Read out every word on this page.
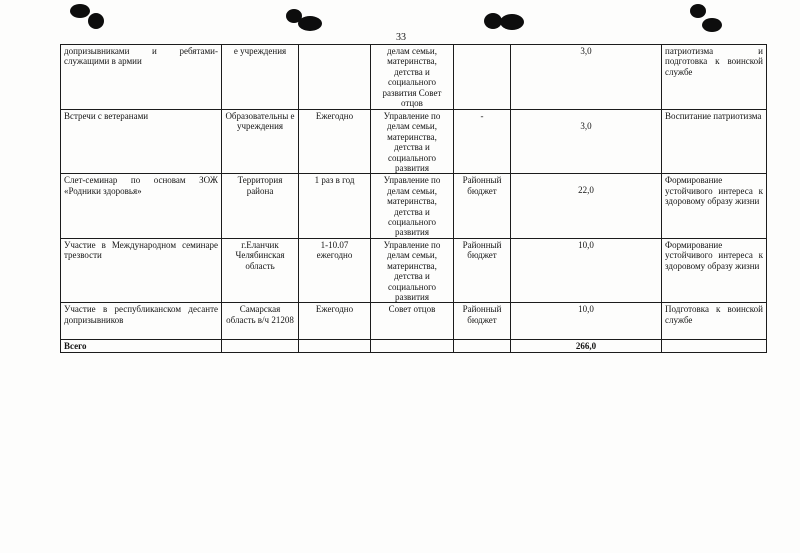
33
допризывниками и ребятами-служащими в армии	е учреждения		делам семьи, материнства, детства и социального развития Совет отцов		3,0	патриотизма и подготовка к воинской службе
Встречи с ветеранами	Образовательны е учреждения	Ежегодно	Управление по делам семьи, материнства, детства и социального развития	-	3,0	Воспитание патриотизма
Слет-семинар по основам ЗОЖ «Родники здоровья»	Территория района	1 раз в год	Управление по делам семьи, материнства, детства и социального развития	Районный бюджет	22,0	Формирование устойчивого интереса к здоровому образу жизни
Участие в Международном семинаре трезвости	г.Еланчик Челябинская область	1-10.07 ежегодно	Управление по делам семьи, материнства, детства и социального развития	Районный бюджет	10,0	Формирование устойчивого интереса к здоровому образу жизни
Участие в республиканском десанте допризывников	Самарская область в/ч 21208	Ежегодно	Совет отцов	Районный бюджет	10,0	Подготовка к воинской службе
Всего					266,0	
